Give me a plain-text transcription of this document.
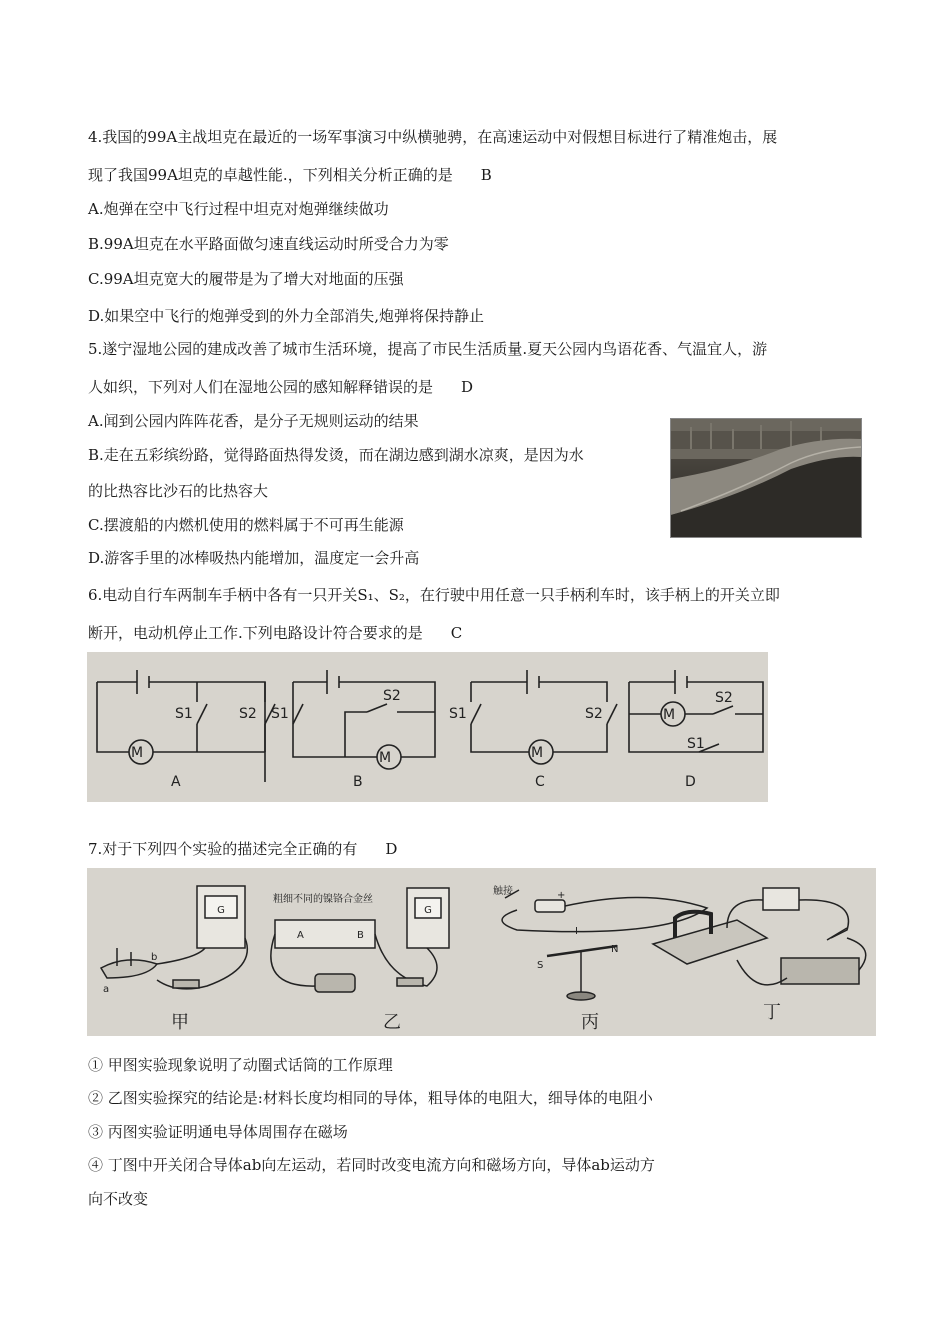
4.我国的99A主战坦克在最近的一场军事演习中纵横驰骋，在高速运动中对假想目标进行了精准炮击，展
现了我国99A坦克的卓越性能.，下列相关分析正确的是 B
A.炮弹在空中飞行过程中坦克对炮弹继续做功
B.99A坦克在水平路面做匀速直线运动时所受合力为零
C.99A坦克宽大的履带是为了增大对地面的压强
D.如果空中飞行的炮弹受到的外力全部消失,炮弹将保持静止
5.遂宁湿地公园的建成改善了城市生活环境，提高了市民生活质量.夏天公园内鸟语花香、气温宜人，游
人如织，下列对人们在湿地公园的感知解释错误的是 D
A.闻到公园内阵阵花香，是分子无规则运动的结果
B.走在五彩缤纷路，觉得路面热得发烫，而在湖边感到湖水凉爽，是因为水
的比热容比沙石的比热容大
C.摆渡船的内燃机使用的燃料属于不可再生能源
D.游客手里的冰棒吸热内能增加，温度定一会升高
6.电动自行车两制车手柄中各有一只开关S₁、S₂，在行驶中用任意一只手柄利车时，该手柄上的开关立即
断开，电动机停止工作.下列电路设计符合要求的是 C
M
S1	S2
A
M
S1
S2
B
M
S1	S2
C
M
S2
S1
D
7.对于下列四个实验的描述完全正确的有 D
G
b
a
甲
粗细不同的镍铬合金丝
A	B
G
乙
触接	+
I
S
N
丙	丁
① 甲图实验现象说明了动圈式话筒的工作原理
② 乙图实验探究的结论是:材料长度均相同的导体，粗导体的电阻大，细导体的电阻小
③ 丙图实验证明通电导体周围存在磁场
④ 丁图中开关闭合导体ab向左运动，若同时改变电流方向和磁场方向，导体ab运动方
向不改变
